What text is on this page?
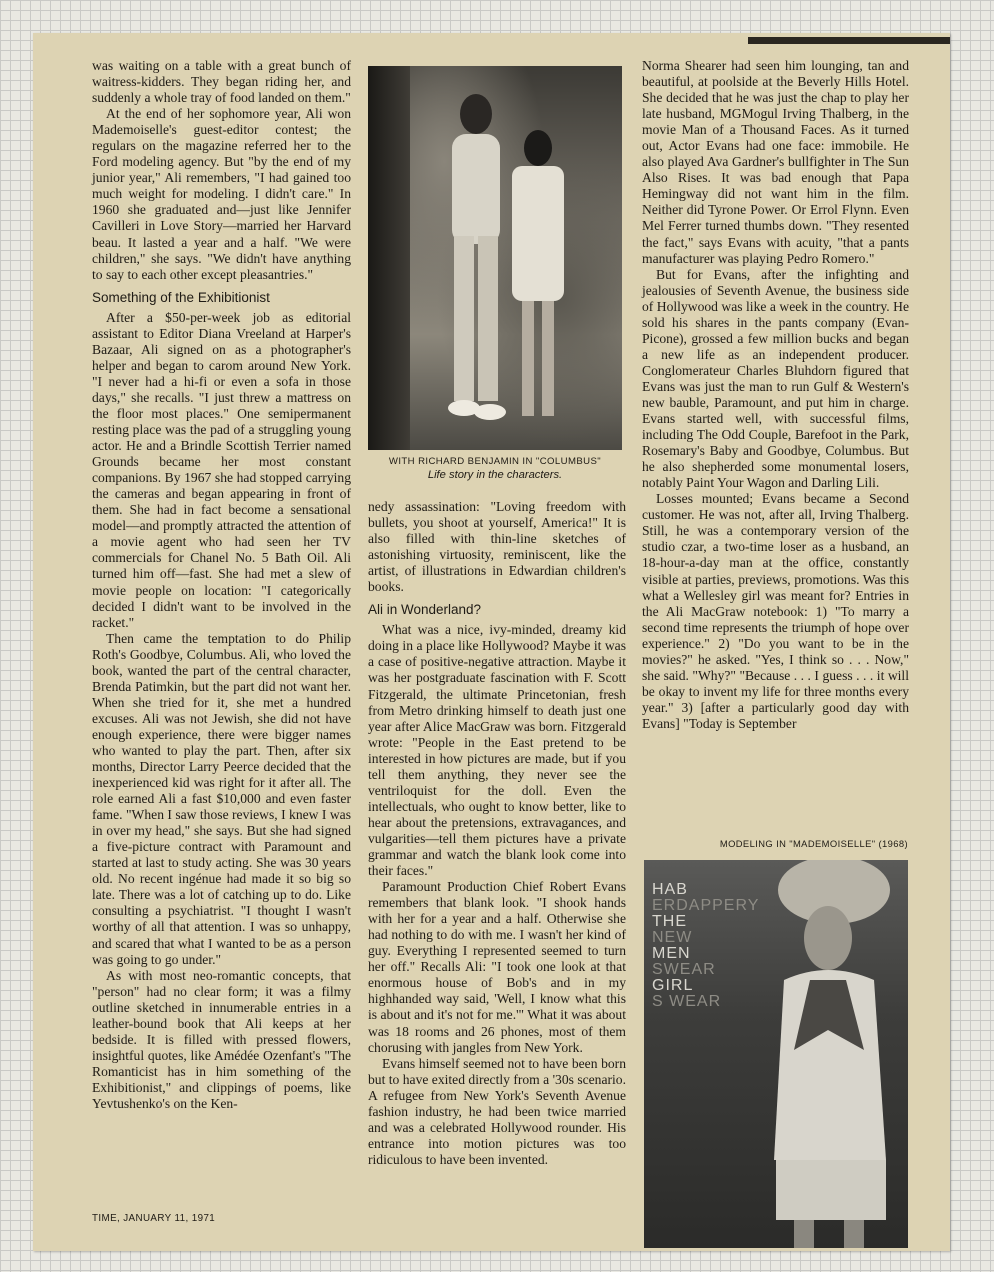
was waiting on a table with a great bunch of waitress-kidders. They began riding her, and suddenly a whole tray of food landed on them."

At the end of her sophomore year, Ali won Mademoiselle's guest-editor contest; the regulars on the magazine referred her to the Ford modeling agency. But "by the end of my junior year," Ali remembers, "I had gained too much weight for modeling. I didn't care." In 1960 she graduated and—just like Jennifer Cavilleri in Love Story—married her Harvard beau. It lasted a year and a half. "We were children," she says. "We didn't have anything to say to each other except pleasantries."

Something of the Exhibitionist

After a $50-per-week job as editorial assistant to Editor Diana Vreeland at Harper's Bazaar, Ali signed on as a photographer's helper and began to carom around New York. "I never had a hi-fi or even a sofa in those days," she recalls. "I just threw a mattress on the floor most places." One semipermanent resting place was the pad of a struggling young actor. He and a Brindle Scottish Terrier named Grounds became her most constant companions. By 1967 she had stopped carrying the cameras and began appearing in front of them. She had in fact become a sensational model—and promptly attracted the attention of a movie agent who had seen her TV commercials for Chanel No. 5 Bath Oil. Ali turned him off—fast. She had met a slew of movie people on location: "I categorically decided I didn't want to be involved in the racket."

Then came the temptation to do Philip Roth's Goodbye, Columbus. Ali, who loved the book, wanted the part of the central character, Brenda Patimkin, but the part did not want her. When she tried for it, she met a hundred excuses. Ali was not Jewish, she did not have enough experience, there were bigger names who wanted to play the part. Then, after six months, Director Larry Peerce decided that the inexperienced kid was right for it after all. The role earned Ali a fast $10,000 and even faster fame. "When I saw those reviews, I knew I was in over my head," she says. But she had signed a five-picture contract with Paramount and started at last to study acting. She was 30 years old. No recent ingénue had made it so big so late. There was a lot of catching up to do. Like consulting a psychiatrist. "I thought I wasn't worthy of all that attention. I was so unhappy, and scared that what I wanted to be as a person was going to go under."

As with most neo-romantic concepts, that "person" had no clear form; it was a filmy outline sketched in innumerable entries in a leather-bound book that Ali keeps at her bedside. It is filled with pressed flowers, insightful quotes, like Amédée Ozenfant's "The Romanticist has in him something of the Exhibitionist," and clippings of poems, like Yevtushenko's on the Ken-

WITH RICHARD BENJAMIN IN "COLUMBUS"
Life story in the characters.

nedy assassination: "Loving freedom with bullets, you shoot at yourself, America!" It is also filled with thin-line sketches of astonishing virtuosity, reminiscent, like the artist, of illustrations in Edwardian children's books.

Ali in Wonderland?

What was a nice, ivy-minded, dreamy kid doing in a place like Hollywood? Maybe it was a case of positive-negative attraction. Maybe it was her postgraduate fascination with F. Scott Fitzgerald, the ultimate Princetonian, fresh from Metro drinking himself to death just one year after Alice MacGraw was born. Fitzgerald wrote: "People in the East pretend to be interested in how pictures are made, but if you tell them anything, they never see the ventriloquist for the doll. Even the intellectuals, who ought to know better, like to hear about the pretensions, extravagances, and vulgarities—tell them pictures have a private grammar and watch the blank look come into their faces."

Paramount Production Chief Robert Evans remembers that blank look. "I shook hands with her for a year and a half. Otherwise she had nothing to do with me. I wasn't her kind of guy. Everything I represented seemed to turn her off." Recalls Ali: "I took one look at that enormous house of Bob's and in my highhanded way said, 'Well, I know what this is about and it's not for me.'" What it was about was 18 rooms and 26 phones, most of them chorusing with jangles from New York.

Evans himself seemed not to have been born but to have exited directly from a '30s scenario. A refugee from New York's Seventh Avenue fashion industry, he had been twice married and was a celebrated Hollywood rounder. His entrance into motion pictures was too ridiculous to have been invented.

Norma Shearer had seen him lounging, tan and beautiful, at poolside at the Beverly Hills Hotel. She decided that he was just the chap to play her late husband, MGMogul Irving Thalberg, in the movie Man of a Thousand Faces. As it turned out, Actor Evans had one face: immobile. He also played Ava Gardner's bullfighter in The Sun Also Rises. It was bad enough that Papa Hemingway did not want him in the film. Neither did Tyrone Power. Or Errol Flynn. Even Mel Ferrer turned thumbs down. "They resented the fact," says Evans with acuity, "that a pants manufacturer was playing Pedro Romero."

But for Evans, after the infighting and jealousies of Seventh Avenue, the business side of Hollywood was like a week in the country. He sold his shares in the pants company (Evan-Picone), grossed a few million bucks and began a new life as an independent producer. Conglomerateur Charles Bluhdorn figured that Evans was just the man to run Gulf & Western's new bauble, Paramount, and put him in charge. Evans started well, with successful films, including The Odd Couple, Barefoot in the Park, Rosemary's Baby and Goodbye, Columbus. But he also shepherded some monumental losers, notably Paint Your Wagon and Darling Lili.

Losses mounted; Evans became a Second customer. He was not, after all, Irving Thalberg. Still, he was a contemporary version of the studio czar, a two-time loser as a husband, an 18-hour-a-day man at the office, constantly visible at parties, previews, promotions. Was this what a Wellesley girl was meant for? Entries in the Ali MacGraw notebook: 1) "To marry a second time represents the triumph of hope over experience." 2) "Do you want to be in the movies?" he asked. "Yes, I think so . . . Now," she said. "Why?" "Because . . . I guess . . . it will be okay to invent my life for three months every year." 3) [after a particularly good day with Evans] "Today is September

MODELING IN "MADEMOISELLE" (1968)
HAB
ERDAPPERY
THE
NEW
MEN
SWEAR
GIRL
S WEAR
TIME, JANUARY 11, 1971
